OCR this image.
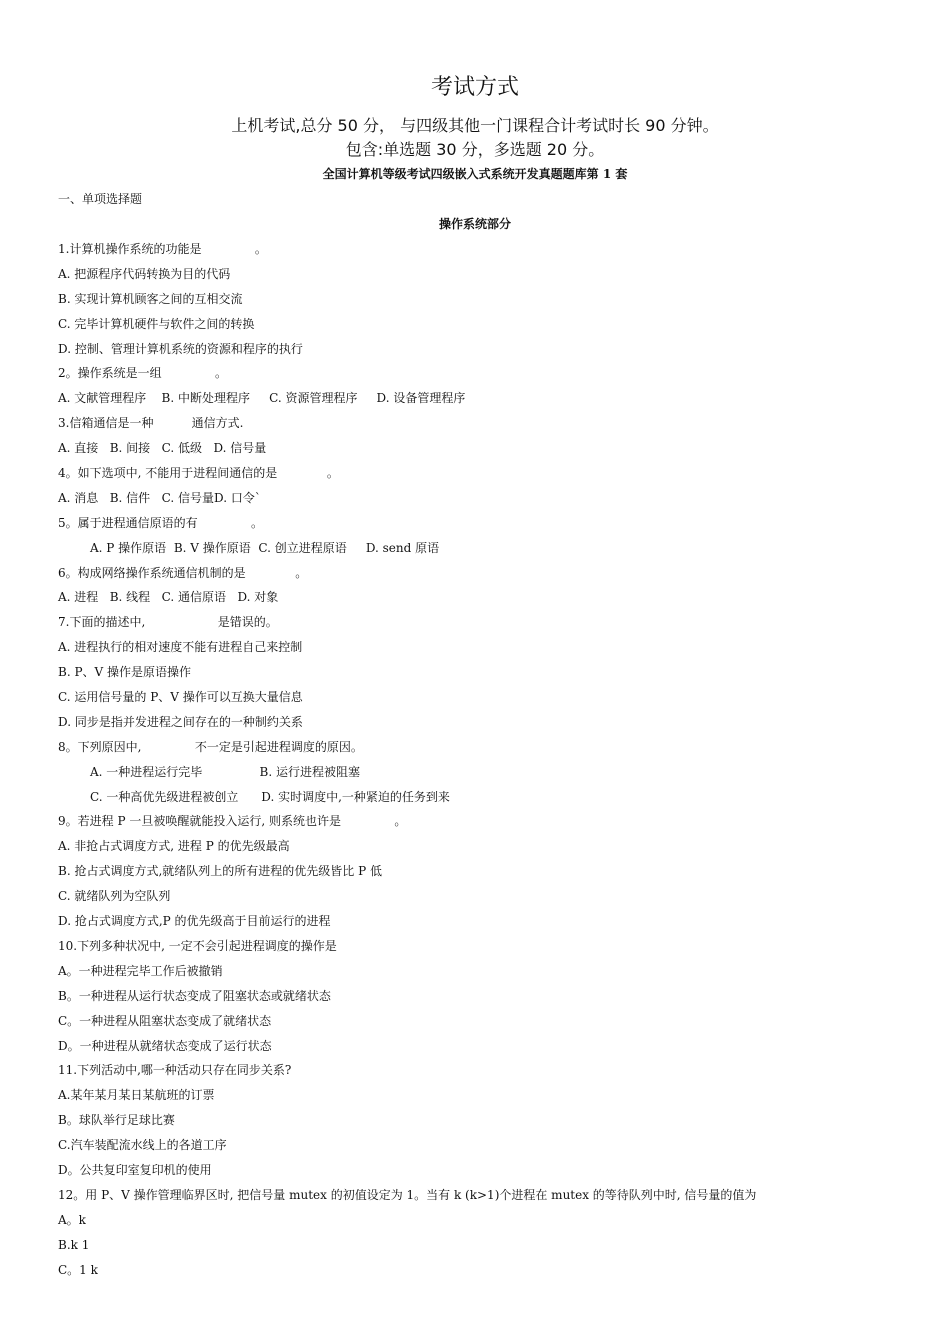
考试方式
上机考试,总分 50 分， 与四级其他一门课程合计考试时长 90 分钟。
包含:单选题 30 分，多选题 20 分。
全国计算机等级考试四级嵌入式系统开发真题题库第 1 套
一、单项选择题
操作系统部分
1.计算机操作系统的功能是              。
A. 把源程序代码转换为目的代码
B. 实现计算机顾客之间的互相交流
C. 完毕计算机硬件与软件之间的转换
D. 控制、管理计算机系统的资源和程序的执行
2。操作系统是一组              。
A. 文献管理程序    B. 中断处理程序     C. 资源管理程序     D. 设备管理程序
3.信箱通信是一种          通信方式.
A. 直接   B. 间接   C. 低级   D. 信号量
4。如下选项中, 不能用于进程间通信的是             。
A. 消息   B. 信件   C. 信号量D. 口令`
5。属于进程通信原语的有              。
A. P 操作原语  B. V 操作原语  C. 创立进程原语     D. send 原语
6。构成网络操作系统通信机制的是             。
A. 进程   B. 线程   C. 通信原语   D. 对象
7.下面的描述中,                   是错误的。
A. 进程执行的相对速度不能有进程自己来控制
B. P、V 操作是原语操作
C. 运用信号量的 P、V 操作可以互换大量信息
D. 同步是指并发进程之间存在的一种制约关系
8。下列原因中,              不一定是引起进程调度的原因。
A. 一种进程运行完毕               B. 运行进程被阻塞
C. 一种高优先级进程被创立      D. 实时调度中,一种紧迫的任务到来
9。若进程 P 一旦被唤醒就能投入运行, 则系统也许是              。
A. 非抢占式调度方式, 进程 P 的优先级最高
B. 抢占式调度方式,就绪队列上的所有进程的优先级皆比 P 低
C. 就绪队列为空队列
D. 抢占式调度方式,P 的优先级高于目前运行的进程
10.下列多种状况中, 一定不会引起进程调度的操作是
A。一种进程完毕工作后被撤销
B。一种进程从运行状态变成了阻塞状态或就绪状态
C。一种进程从阻塞状态变成了就绪状态
D。一种进程从就绪状态变成了运行状态
11.下列活动中,哪一种活动只存在同步关系?
A.某年某月某日某航班的订票
B。球队举行足球比赛
C.汽车装配流水线上的各道工序
D。公共复印室复印机的使用
12。用 P、V 操作管理临界区时, 把信号量 mutex 的初值设定为 1。当有 k (k>1)个进程在 mutex 的等待队列中时, 信号量的值为
A。k
B.k 1
C。1 k
